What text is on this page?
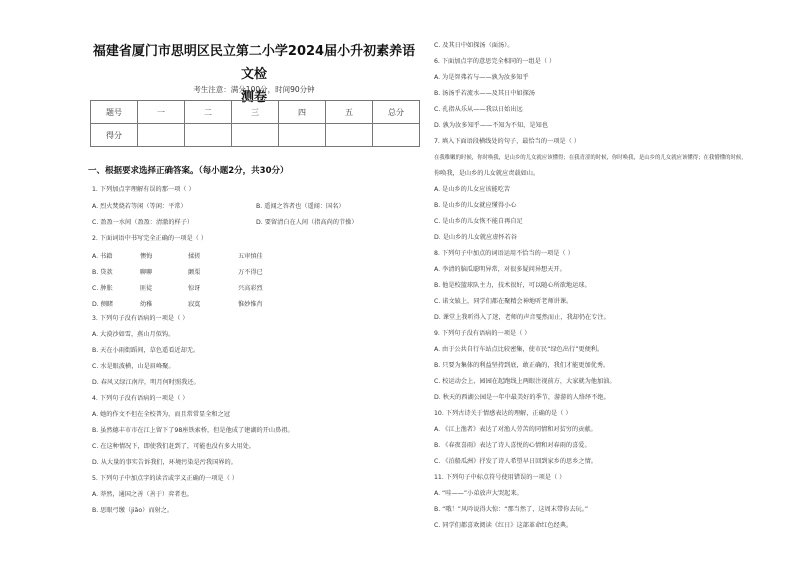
福建省厦门市思明区民立第二小学2024届小升初素养语文检
测卷
考生注意：满分100分，时间90分钟
题号	一	二	三	四	五	总分
得分						
一、根据要求选择正确答案。（每小题2分，共30分）
1. 下列加点字理解有误的那一项（ ）
A. 烈火焚烧若等闲（等闲：平常）	B. 遥闻之答者也（遥闻：国名）
C. 盈盈一水间（盈盈：清澈的样子）	D. 要留清白在人间（指高尚的节操）
2. 下面词语中书写完全正确的一项是（ ）
A. 书籍	懊悔	揉搓	五审慎佳
B. 贷款	聊聊	颤栗	万不得已
C. 肿胀	匪徒	惊讶	兴高彩烈
D. 侧睹	幼稚	寂寞	惟妙惟肖
3. 下列句子没有语病的一项是（ ）
A. 大漠沙如雪，燕山月似钩。
B. 天在小雨街蹈间，草色遥看近却无。
C. 水是眼波横，山是眉峰聚。
D. 春风又绿江南岸，明月何时照我还。
4. 下列句子没有语病的一项是（ ）
A. 她的作文不但在全校普为，而且常常显全和之冠
B. 虽然德丰市市在江上留下了98座铁索桥，但是他成了建湖的开山鼻祖。
C. 在这种情况下，即使我们赶到了，可能也没有多大用处。
D. 从大量的事实告诉我们，环境污染是污我国界的。
5. 下列句子中加点字的读音或字义正确的一项是（ ）
A. 莽然，通国之善（善于）弈者也。
B. 思眼弓缴（jiǎo）而射之。
C. 及其日中如探汤（面汤）。
6. 下面加点字的意思完全相同的一组是（ ）
A. 为是智弗若与——孰为汝多知乎
B. 汤汤乎若流水——及其日中如探汤
C. 孔指从乐从——我以日始出远
D. 孰为汝多知乎——不知为不知，是知也
7. 填入下面语段横线处的句子，最恰当的一项是（ ）
在我稚嫩的时候，你时唤我，是山乡的儿女就应该懂得；在我青涩的时候，你时唤我，是山乡的儿女就应该懂得；在我懵懂的时候，
你唤我，是山乡的儿女就应责载如山。
A. 是山乡的儿女应该能吃苦
B. 是山乡的儿女就应懂得小心
C. 是山乡的儿女恢不能自再自足
D. 是山乡的儿女就应虚怀若谷
8. 下列句子中加点的词语运用不恰当的一项是（ ）
A. 李清的脑瓜聪明异常，对很多疑问异想天开。
B. 他是校篮球队主力，技术很好，可以随心所欲地运球。
C. 诺文辕上，同学们都在聚精会神地听老师讲课。
D. 课堂上我听得入了迷，老师的声音戛然而止，我却仍在专注。
9. 下列句子没有语病的一项是（ ）
A. 由于公共自行车站点比较密集，使市民“绿色出行”更便利。
B. 只要为集体的利益坚持到底，敢正确的，我们才能更加优秀。
C. 校运动会上，园园在起跑线上两眼注视前方，大家就为他加油。
D. 秋天的西湖公园是一年中最美好的季节，游游的人络绎不绝。
10. 下列古诗关于情感表达的理解，正确的是（ ）
A. 《江上渔者》表达了对渔人劳苦的同情和对贫穷的贡献。
B. 《春夜喜雨》表达了诗人喜悦的心情和对春雨的喜爱。
C. 《泊船瓜洲》抒发了诗人希望早日回到家乡的思乡之情。
11. 下列句子中标点符号使用错误的一项是（ ）
A. “哇——”小弟放声大哭起来。
B. “哦！”风吟说得大惊：“那当然了，这周末带你去玩。”
C. 同学们都喜欢阅读《红日》这部革命红色经典。
